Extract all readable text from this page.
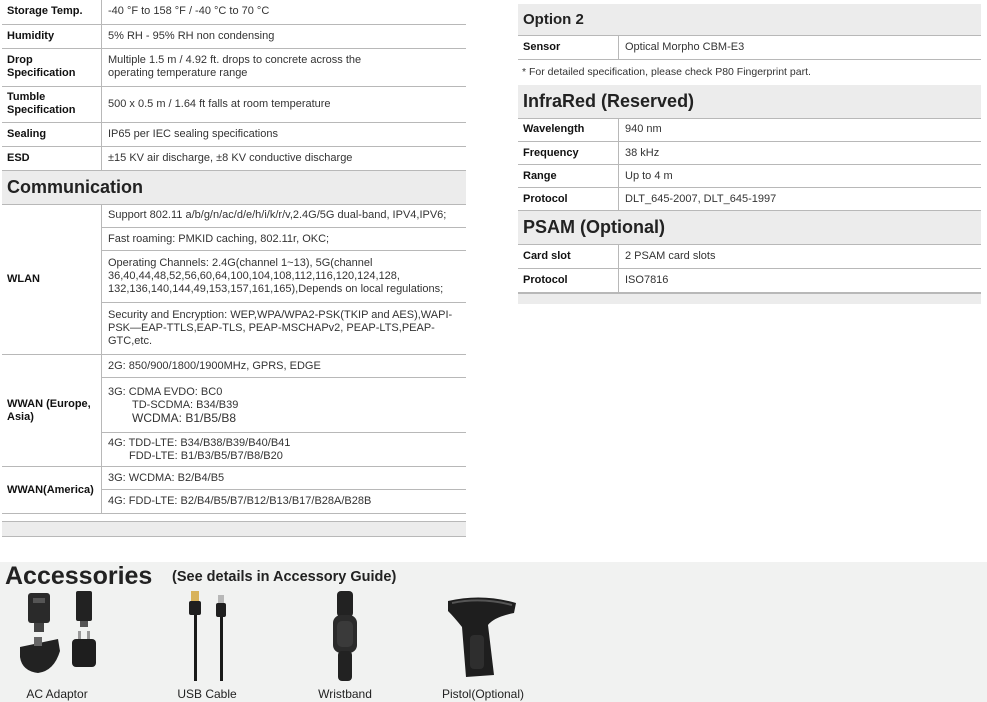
Storage Temp.	-40 °F to 158 °F / -40 °C to 70 °C
Humidity	5% RH - 95% RH non condensing
Drop Specification	Multiple 1.5 m / 4.92 ft. drops to concrete across the operating temperature range
Tumble Specification	500 x 0.5 m / 1.64 ft falls at room temperature
Sealing	IP65 per IEC sealing specifications
ESD	±15 KV air discharge, ±8 KV conductive discharge
Communication
WLAN	Support 802.11 a/b/g/n/ac/d/e/h/i/k/r/v,2.4G/5G dual-band, IPV4,IPV6;
	Fast roaming: PMKID caching, 802.11r, OKC;
	Operating Channels: 2.4G(channel 1~13), 5G(channel 36,40,44,48,52,56,60,64,100,104,108,112,116,120,124,128, 132,136,140,144,49,153,157,161,165),Depends on local regulations;
	Security and Encryption: WEP,WPA/WPA2-PSK(TKIP and AES),WAPI-PSK—EAP-TTLS,EAP-TLS, PEAP-MSCHAPv2, PEAP-LTS,PEAP-GTC,etc.
WWAN (Europe, Asia)	2G: 850/900/1800/1900MHz, GPRS, EDGE

	3G: CDMA EVDO: BC0
TD-SCDMA: B34/B39
WCDMA: B1/B5/B8

	4G: TDD-LTE: B34/B38/B39/B40/B41
FDD-LTE: B1/B3/B5/B7/B8/B20

WWAN(America)	3G: WCDMA: B2/B4/B5
	4G: FDD-LTE: B2/B4/B5/B7/B12/B13/B17/B28A/B28B
Option 2
Sensor	Optical Morpho CBM-E3
* For detailed specification, please check P80 Fingerprint part.
InfraRed (Reserved)
Wavelength	940 nm
Frequency	38 kHz
Range	Up to 4 m
Protocol	DLT_645-2007, DLT_645-1997
PSAM (Optional)
Card slot	2 PSAM card slots
Protocol	ISO7816
Accessories (See details in Accessory Guide)
AC Adaptor	USB Cable	Wristband	Pistol(Optional)
